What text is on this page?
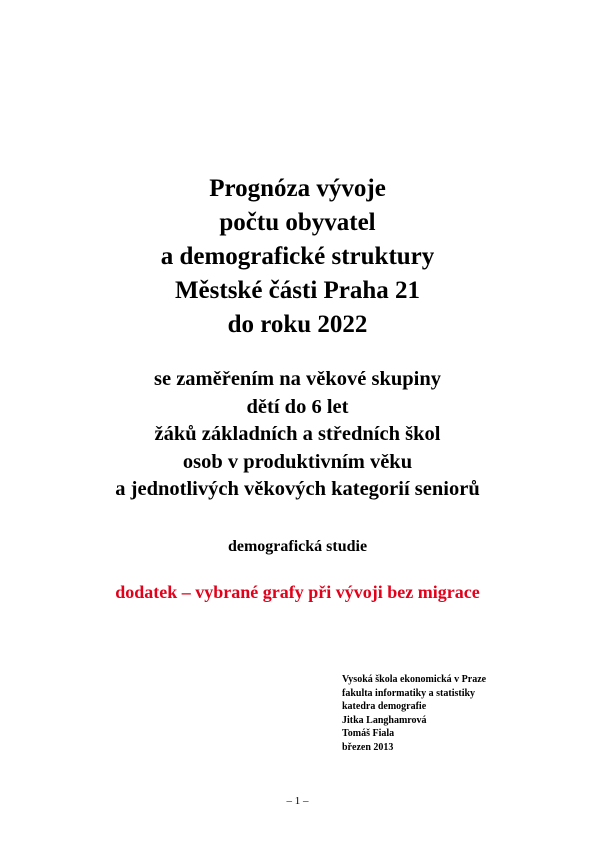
Prognóza vývoje
počtu obyvatel
a demografické struktury
Městské části Praha 21
do roku 2022
se zaměřením na věkové skupiny
dětí do 6 let
žáků základních a středních škol
osob v produktivním věku
a jednotlivých věkových kategorií seniorů
demografická studie
dodatek – vybrané grafy při vývoji bez migrace
Vysoká škola ekonomická v Praze
fakulta informatiky a statistiky
katedra demografie
Jitka Langhamrová
Tomáš Fiala
březen 2013
– 1 –
